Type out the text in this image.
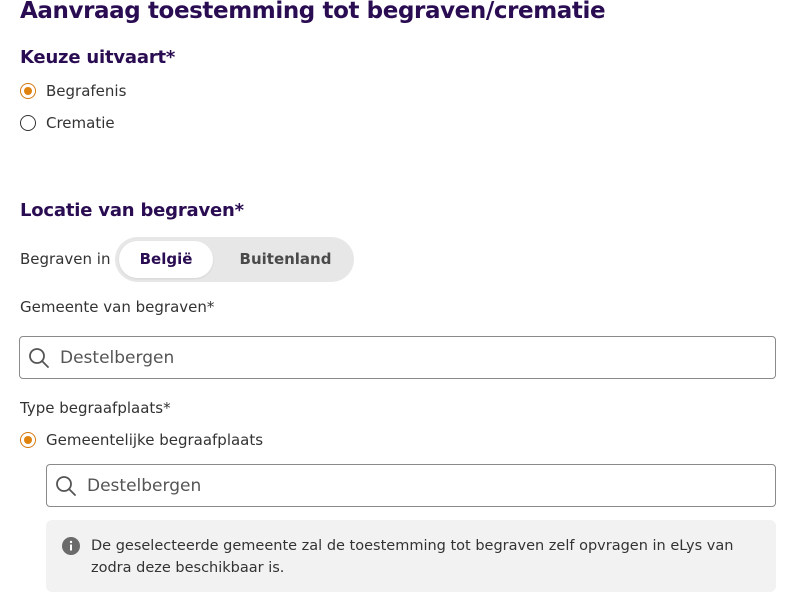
Aanvraag toestemming tot begraven/crematie
Keuze uitvaart*
Begrafenis
Crematie
Locatie van begraven*
Begraven in	België	Buitenland
Gemeente van begraven*
Destelbergen
Type begraafplaats*
Gemeentelijke begraafplaats
Destelbergen
De geselecteerde gemeente zal de toestemming tot begraven zelf opvragen in eLys van zodra deze beschikbaar is.
